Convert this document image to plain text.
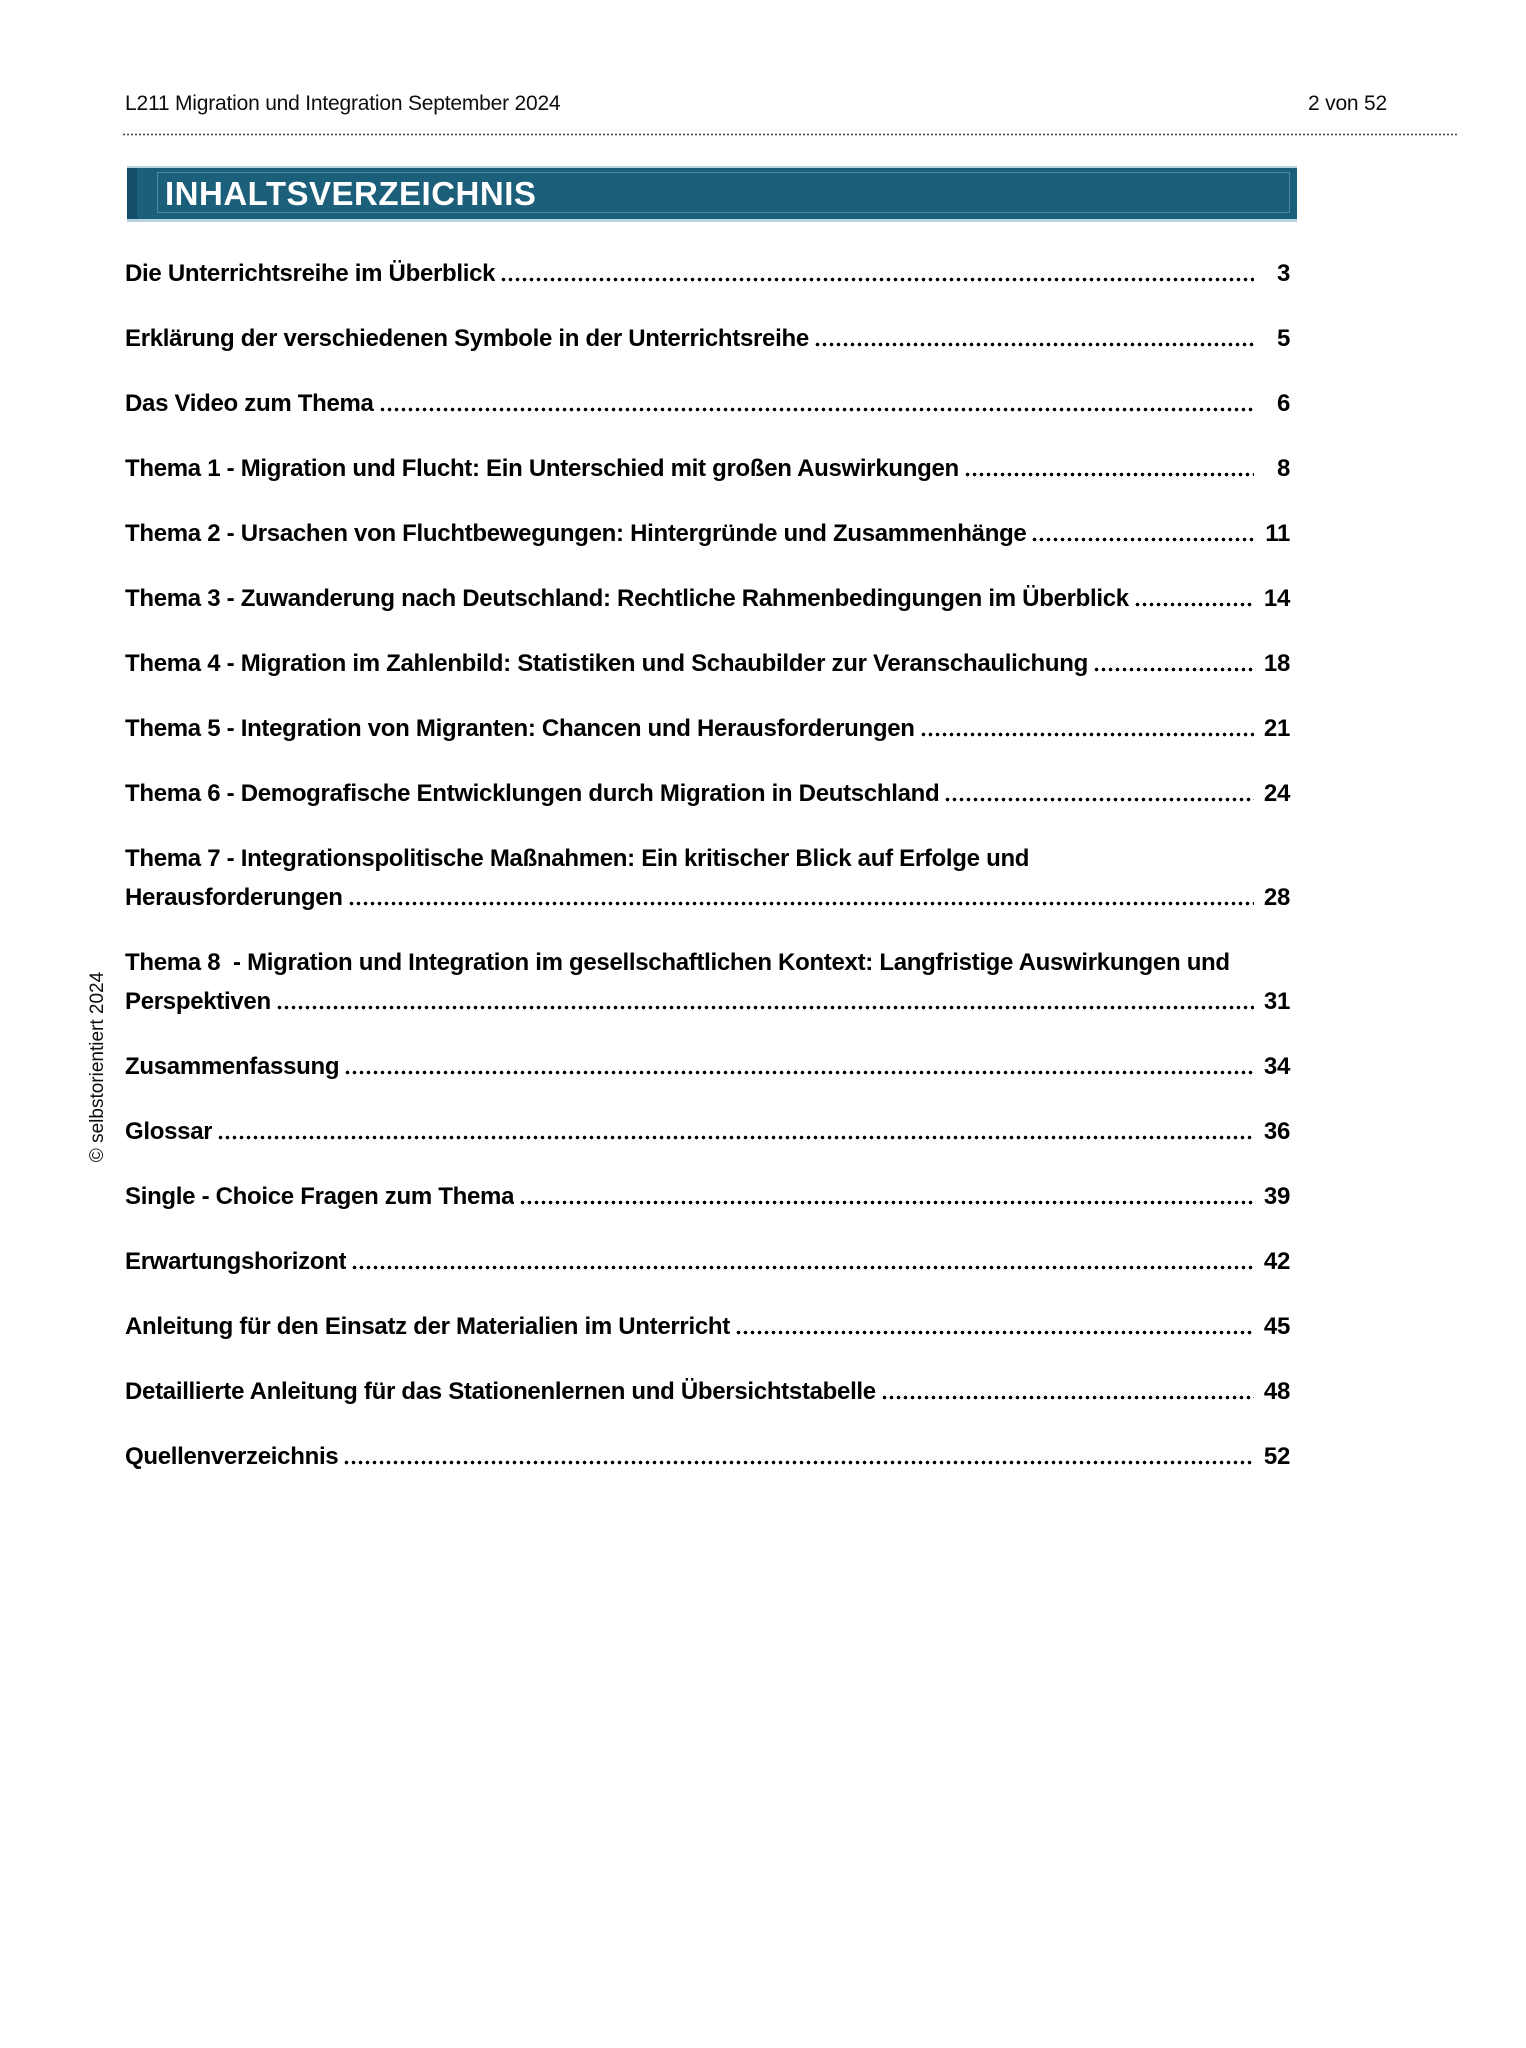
L211 Migration und Integration September 2024	2 von 52
INHALTSVERZEICHNIS
Die Unterrichtsreihe im Überblick	3
Erklärung der verschiedenen Symbole in der Unterrichtsreihe	5
Das Video zum Thema	6
Thema 1 - Migration und Flucht: Ein Unterschied mit großen Auswirkungen	8
Thema 2 - Ursachen von Fluchtbewegungen: Hintergründe und Zusammenhänge	11
Thema 3 - Zuwanderung nach Deutschland: Rechtliche Rahmenbedingungen im Überblick	14
Thema 4 - Migration im Zahlenbild: Statistiken und Schaubilder zur Veranschaulichung	18
Thema 5 - Integration von Migranten: Chancen und Herausforderungen	21
Thema 6 - Demografische Entwicklungen durch Migration in Deutschland	24
Thema 7 - Integrationspolitische Maßnahmen: Ein kritischer Blick auf Erfolge und
Herausforderungen	28
Thema 8  - Migration und Integration im gesellschaftlichen Kontext: Langfristige Auswirkungen und
Perspektiven	31
Zusammenfassung	34
Glossar	36
Single - Choice Fragen zum Thema	39
Erwartungshorizont	42
Anleitung für den Einsatz der Materialien im Unterricht	45
Detaillierte Anleitung für das Stationenlernen und Übersichtstabelle	48
Quellenverzeichnis	52
© selbstorientiert 2024
